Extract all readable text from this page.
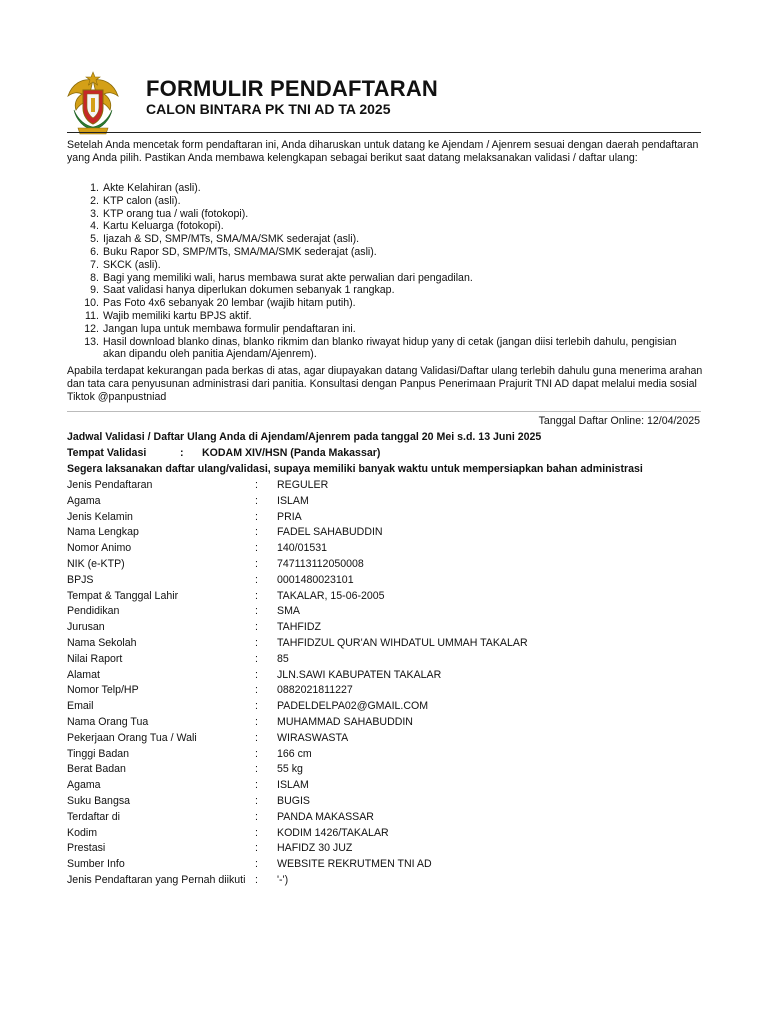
FORMULIR PENDAFTARAN
CALON BINTARA PK TNI AD TA 2025

Setelah Anda mencetak form pendaftaran ini, Anda diharuskan untuk datang ke Ajendam / Ajenrem sesuai dengan daerah pendaftaran yang Anda pilih. Pastikan Anda membawa kelengkapan sebagai berikut saat datang melaksanakan validasi / daftar ulang:

1. Akte Kelahiran (asli).
2. KTP calon (asli).
3. KTP orang tua / wali (fotokopi).
4. Kartu Keluarga (fotokopi).
5. Ijazah & SD, SMP/MTs, SMA/MA/SMK sederajat (asli).
6. Buku Rapor SD, SMP/MTs, SMA/MA/SMK sederajat (asli).
7. SKCK (asli).
8. Bagi yang memiliki wali, harus membawa surat akte perwalian dari pengadilan.
9. Saat validasi hanya diperlukan dokumen sebanyak 1 rangkap.
10. Pas Foto 4x6 sebanyak 20 lembar (wajib hitam putih).
11. Wajib memiliki kartu BPJS aktif.
12. Jangan lupa untuk membawa formulir pendaftaran ini.
13. Hasil download blanko dinas, blanko rikmim dan blanko riwayat hidup yany di cetak (jangan diisi terlebih dahulu, pengisian akan dipandu oleh panitia Ajendam/Ajenrem).

Apabila terdapat kekurangan pada berkas di atas, agar diupayakan datang Validasi/Daftar ulang terlebih dahulu guna menerima arahan dan tata cara penyusunan administrasi dari panitia. Konsultasi dengan Panpus Penerimaan Prajurit TNI AD dapat melalui media sosial Tiktok @panpustniad

Tanggal Daftar Online: 12/04/2025
Jadwal Validasi / Daftar Ulang Anda di Ajendam/Ajenrem pada tanggal 20 Mei s.d. 13 Juni 2025
Tempat Validasi	: KODAM XIV/HSN (Panda Makassar)
Segera laksanakan daftar ulang/validasi, supaya memiliki banyak waktu untuk mempersiapkan bahan administrasi
Jenis Pendaftaran	:	REGULER
Agama	:	ISLAM
Jenis Kelamin	:	PRIA
Nama Lengkap	:	FADEL SAHABUDDIN
Nomor Animo	:	140/01531
NIK (e-KTP)	:	747113112050008
BPJS	:	0001480023101
Tempat & Tanggal Lahir	:	TAKALAR, 15-06-2005
Pendidikan	:	SMA
Jurusan	:	TAHFIDZ
Nama Sekolah	:	TAHFIDZUL QUR'AN WIHDATUL UMMAH TAKALAR
Nilai Raport	:	85
Alamat	:	JLN.SAWI KABUPATEN TAKALAR
Nomor Telp/HP	:	0882021811227
Email	:	PADELDELPA02@GMAIL.COM
Nama Orang Tua	:	MUHAMMAD SAHABUDDIN
Pekerjaan Orang Tua / Wali	:	WIRASWASTA
Tinggi Badan	:	166 cm
Berat Badan	:	55 kg
Agama	:	ISLAM
Suku Bangsa	:	BUGIS
Terdaftar di	:	PANDA MAKASSAR
Kodim	:	KODIM 1426/TAKALAR
Prestasi	:	HAFIDZ 30 JUZ
Sumber Info	:	WEBSITE REKRUTMEN TNI AD
Jenis Pendaftaran yang Pernah diikuti :	'-')
